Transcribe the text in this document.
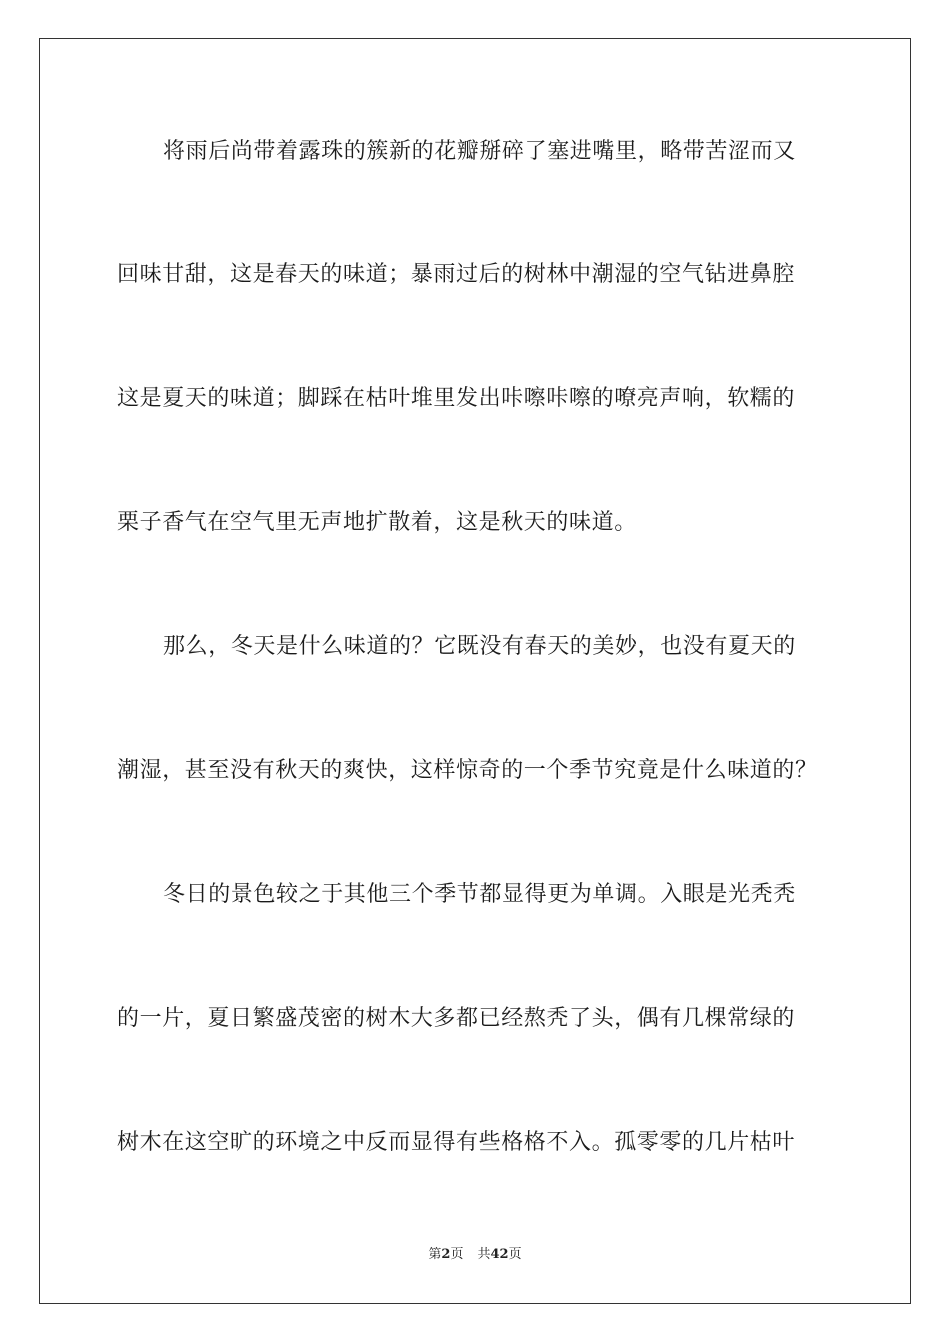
将雨后尚带着露珠的簇新的花瓣掰碎了塞进嘴里，略带苦涩而又
回味甘甜，这是春天的味道；暴雨过后的树林中潮湿的空气钻进鼻腔
这是夏天的味道；脚踩在枯叶堆里发出咔嚓咔嚓的嘹亮声响，软糯的
栗子香气在空气里无声地扩散着，这是秋天的味道。
那么，冬天是什么味道的？它既没有春天的美妙，也没有夏天的
潮湿，甚至没有秋天的爽快，这样惊奇的一个季节究竟是什么味道的？
冬日的景色较之于其他三个季节都显得更为单调。入眼是光秃秃
的一片，夏日繁盛茂密的树木大多都已经熬秃了头，偶有几棵常绿的
树木在这空旷的环境之中反而显得有些格格不入。孤零零的几片枯叶
第2页 共42页
